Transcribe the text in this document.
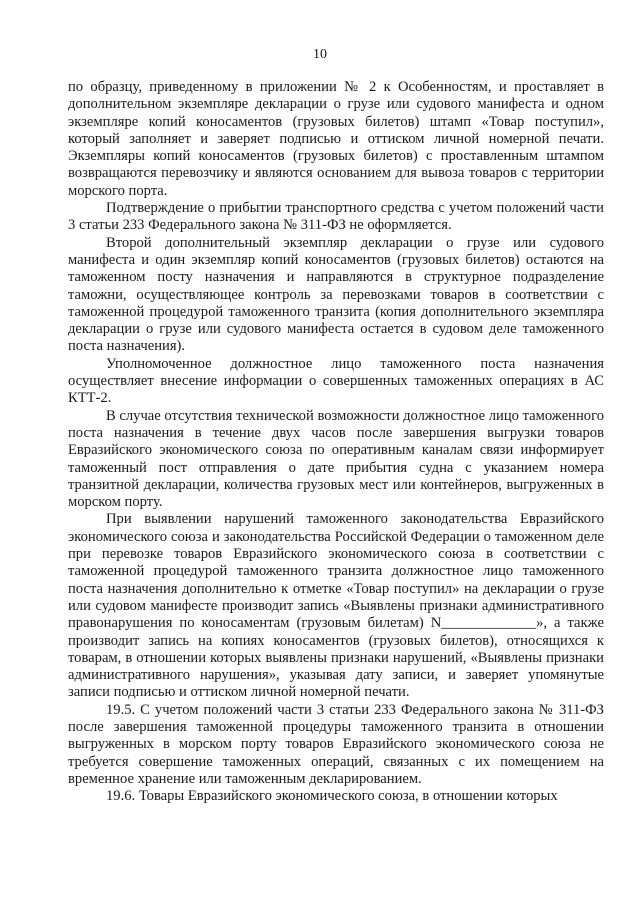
10

по образцу, приведенному в приложении № 2 к Особенностям, и проставляет в дополнительном экземпляре декларации о грузе или судового манифеста и одном экземпляре копий коносаментов (грузовых билетов) штамп «Товар поступил», который заполняет и заверяет подписью и оттиском личной номерной печати. Экземпляры копий коносаментов (грузовых билетов) с проставленным штампом возвращаются перевозчику и являются основанием для вывоза товаров с территории морского порта.

Подтверждение о прибытии транспортного средства с учетом положений части 3 статьи 233 Федерального закона № 311-ФЗ не оформляется.

Второй дополнительный экземпляр декларации о грузе или судового манифеста и один экземпляр копий коносаментов (грузовых билетов) остаются на таможенном посту назначения и направляются в структурное подразделение таможни, осуществляющее контроль за перевозками товаров в соответствии с таможенной процедурой таможенного транзита (копия дополнительного экземпляра декларации о грузе или судового манифеста остается в судовом деле таможенного поста назначения).

Уполномоченное должностное лицо таможенного поста назначения осуществляет внесение информации о совершенных таможенных операциях в АС КТТ-2.

В случае отсутствия технической возможности должностное лицо таможенного поста назначения в течение двух часов после завершения выгрузки товаров Евразийского экономического союза по оперативным каналам связи информирует таможенный пост отправления о дате прибытия судна с указанием номера транзитной декларации, количества грузовых мест или контейнеров, выгруженных в морском порту.

При выявлении нарушений таможенного законодательства Евразийского экономического союза и законодательства Российской Федерации о таможенном деле при перевозке товаров Евразийского экономического союза в соответствии с таможенной процедурой таможенного транзита должностное лицо таможенного поста назначения дополнительно к отметке «Товар поступил» на декларации о грузе или судовом манифесте производит запись «Выявлены признаки административного правонарушения по коносаментам (грузовым билетам) N_____________», а также производит запись на копиях коносаментов (грузовых билетов), относящихся к товарам, в отношении которых выявлены признаки нарушений, «Выявлены признаки административного нарушения», указывая дату записи, и заверяет упомянутые записи подписью и оттиском личной номерной печати.

19.5. С учетом положений части 3 статьи 233 Федерального закона № 311-ФЗ после завершения таможенной процедуры таможенного транзита в отношении выгруженных в морском порту товаров Евразийского экономического союза не требуется совершение таможенных операций, связанных с их помещением на временное хранение или таможенным декларированием.

19.6. Товары Евразийского экономического союза, в отношении которых
